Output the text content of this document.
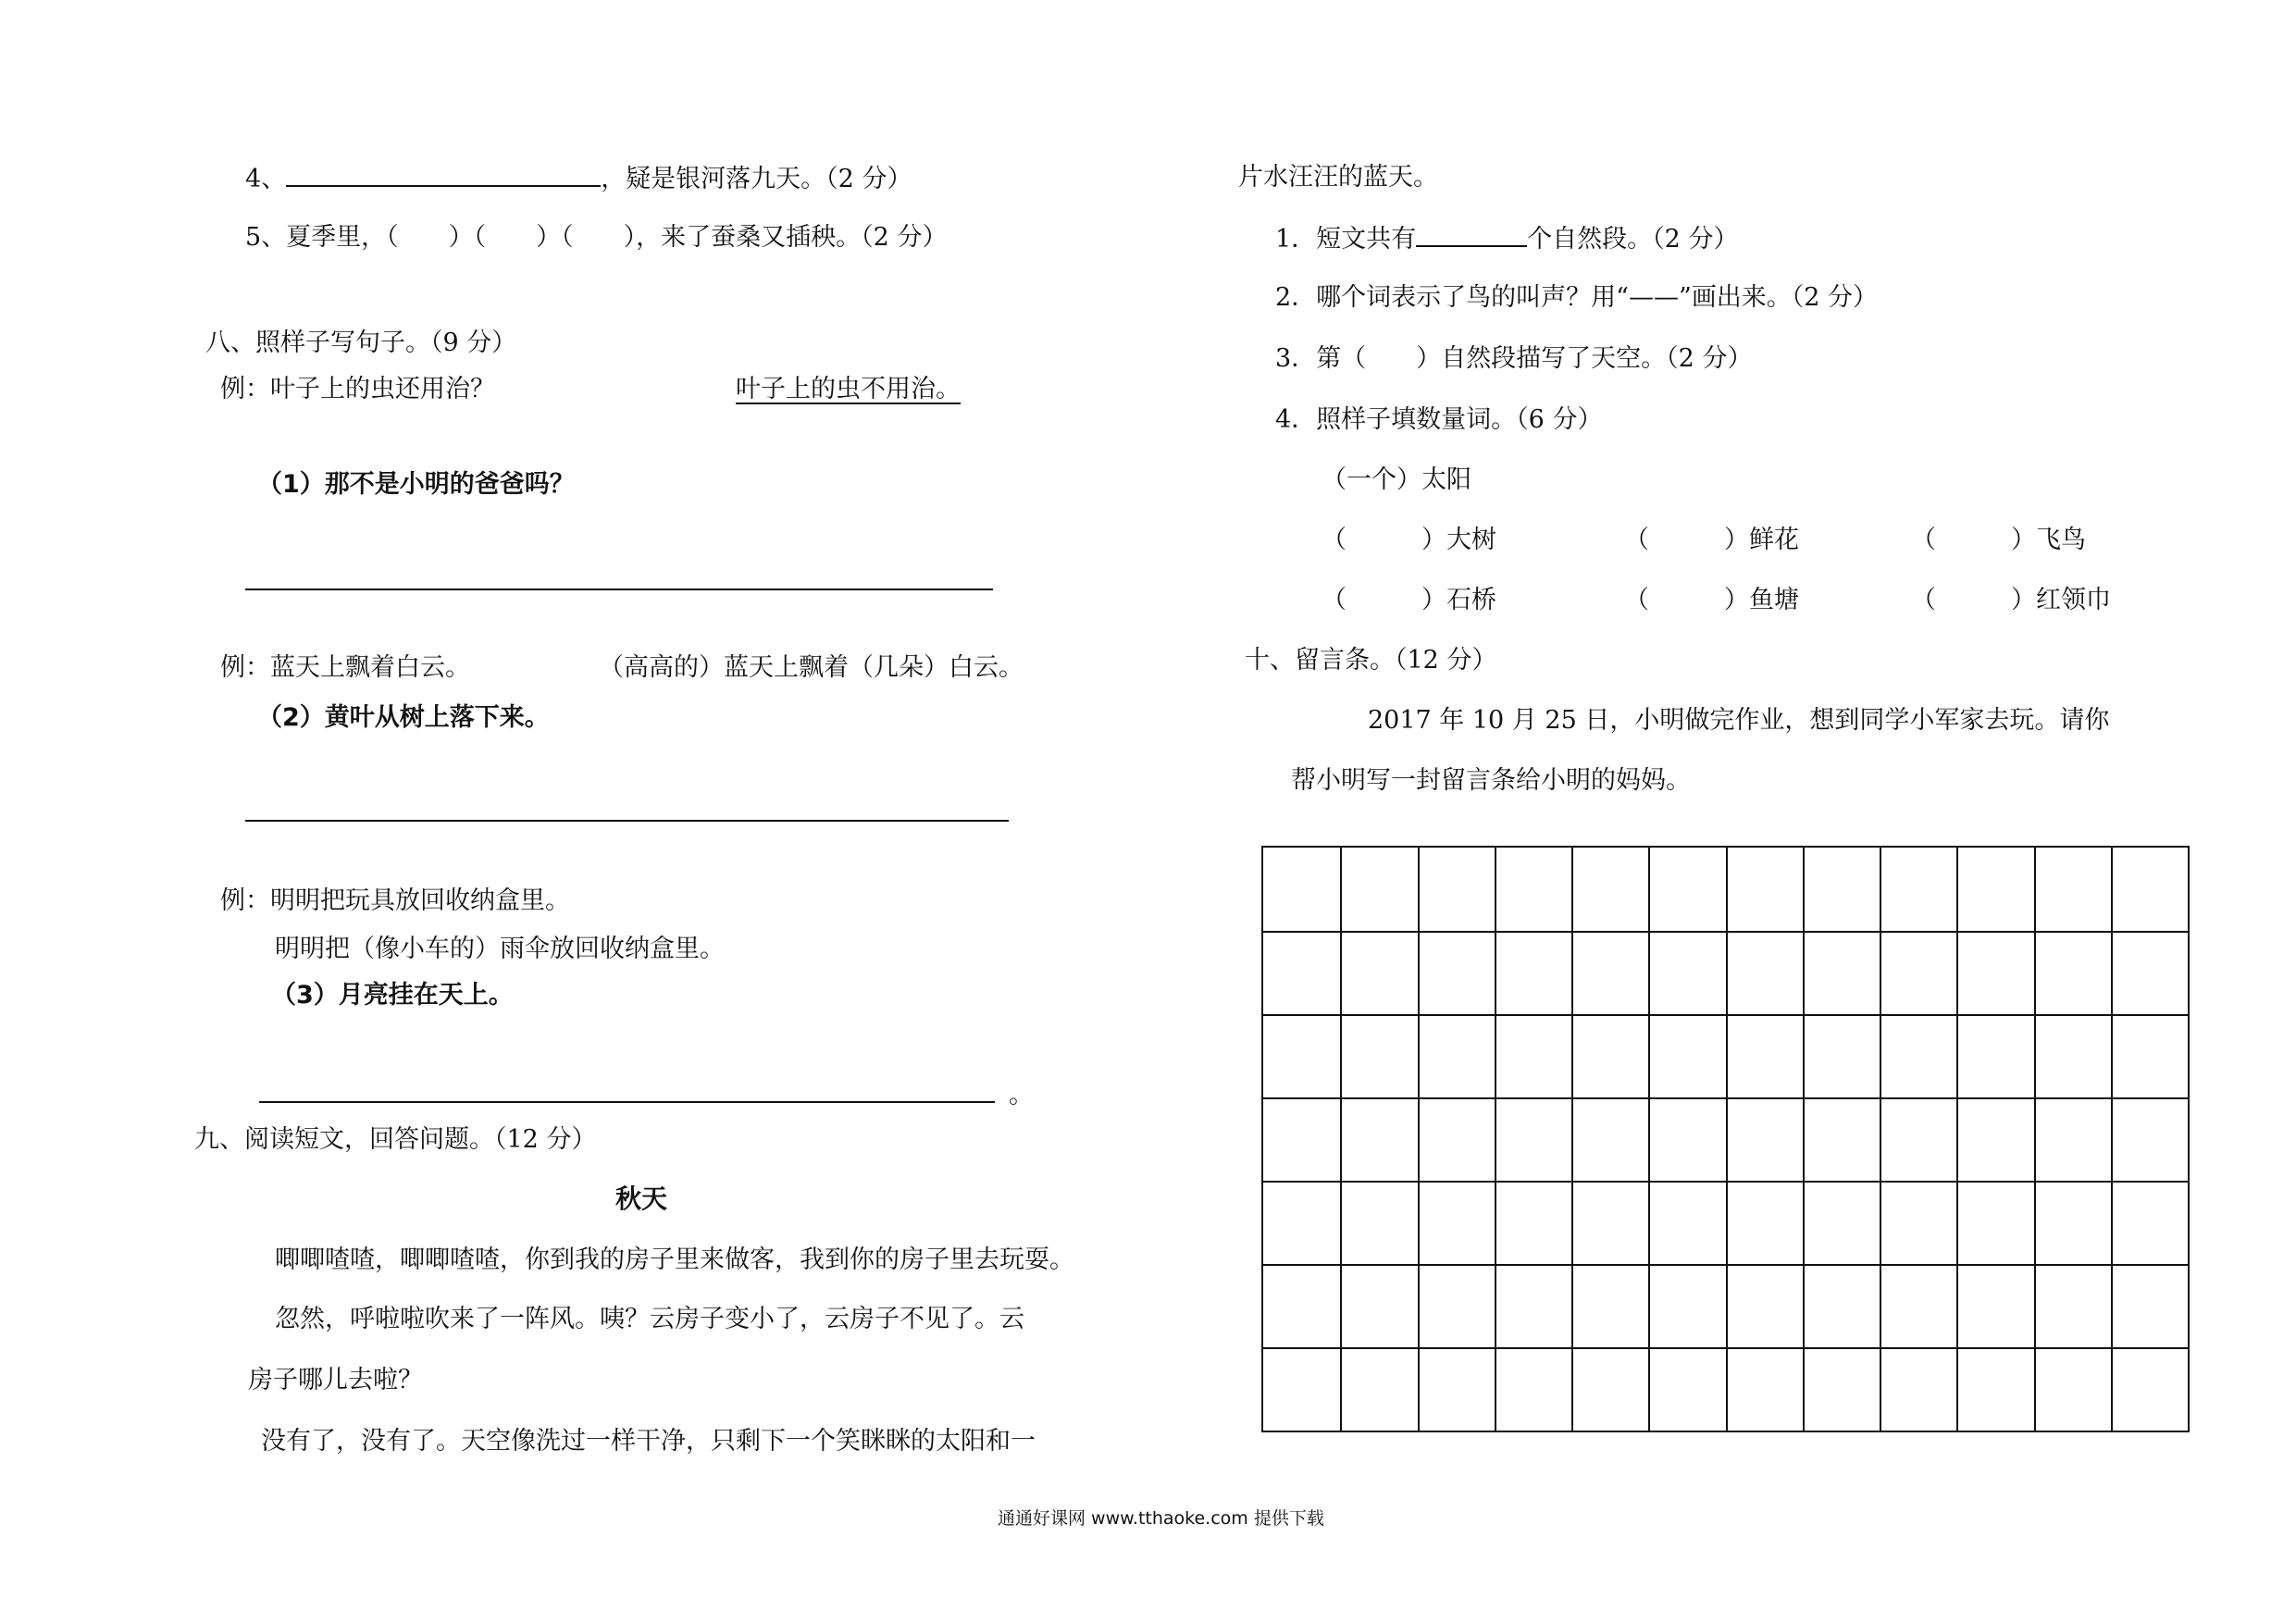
4、	，疑是银河落九天。（2 分）
5、夏季里，（　　）（　　）（　　），来了蚕桑又插秧。（2 分）
八、照样子写句子。（9 分）
例：叶子上的虫还用治？	叶子上的虫不用治。
（1）那不是小明的爸爸吗？
例：蓝天上飘着白云。	（高高的）蓝天上飘着（几朵）白云。
（2）黄叶从树上落下来。
例：明明把玩具放回收纳盒里。
明明把（像小车的）雨伞放回收纳盒里。
（3）月亮挂在天上。
。
九、阅读短文，回答问题。（12 分）
秋天
唧唧喳喳，唧唧喳喳，你到我的房子里来做客，我到你的房子里去玩耍。
忽然，呼啦啦吹来了一阵风。咦？云房子变小了，云房子不见了。云
房子哪儿去啦？
没有了，没有了。天空像洗过一样干净，只剩下一个笑眯眯的太阳和一
片水汪汪的蓝天。
1．短文共有	个自然段。（2 分）
2．哪个词表示了鸟的叫声？用“——”画出来。（2 分）
3．第（　　）自然段描写了天空。（2 分）
4．照样子填数量词。（6 分）
（一个）太阳
（　　　）大树	（　　　）鲜花	（　　　）飞鸟
（　　　）石桥	（　　　）鱼塘	（　　　）红领巾
十、留言条。（12 分）
2017 年 10 月 25 日，小明做完作业，想到同学小军家去玩。请你
帮小明写一封留言条给小明的妈妈。
通通好课网 www.tthaoke.com 提供下载
